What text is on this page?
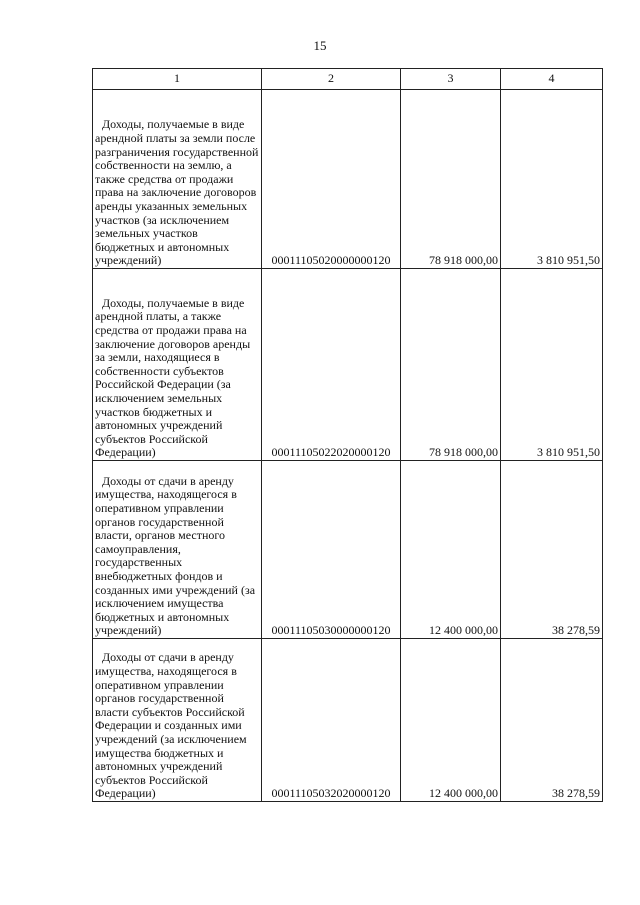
15
1	2	3	4

Доходы, получаемые в виде арендной платы за земли после разграничения государственной собственности на землю, а также средства от продажи права на заключение договоров аренды указанных земельных участков (за исключением земельных участков бюджетных и автономных учреждений)	00011105020000000120	78 918 000,00	3 810 951,50

Доходы, получаемые в виде арендной платы, а также средства от продажи права на заключение договоров аренды за земли, находящиеся в собственности субъектов Российской Федерации (за исключением земельных участков бюджетных и автономных учреждений субъектов Российской Федерации)	00011105022020000120	78 918 000,00	3 810 951,50

Доходы от сдачи в аренду имущества, находящегося в оперативном управлении органов государственной власти, органов местного самоуправления, государственных внебюджетных фондов и созданных ими учреждений (за исключением имущества бюджетных и автономных учреждений)	00011105030000000120	12 400 000,00	38 278,59

Доходы от сдачи в аренду имущества, находящегося в оперативном управлении органов государственной власти субъектов Российской Федерации и созданных ими учреждений (за исключением имущества бюджетных и автономных учреждений субъектов Российской Федерации)	00011105032020000120	12 400 000,00	38 278,59
